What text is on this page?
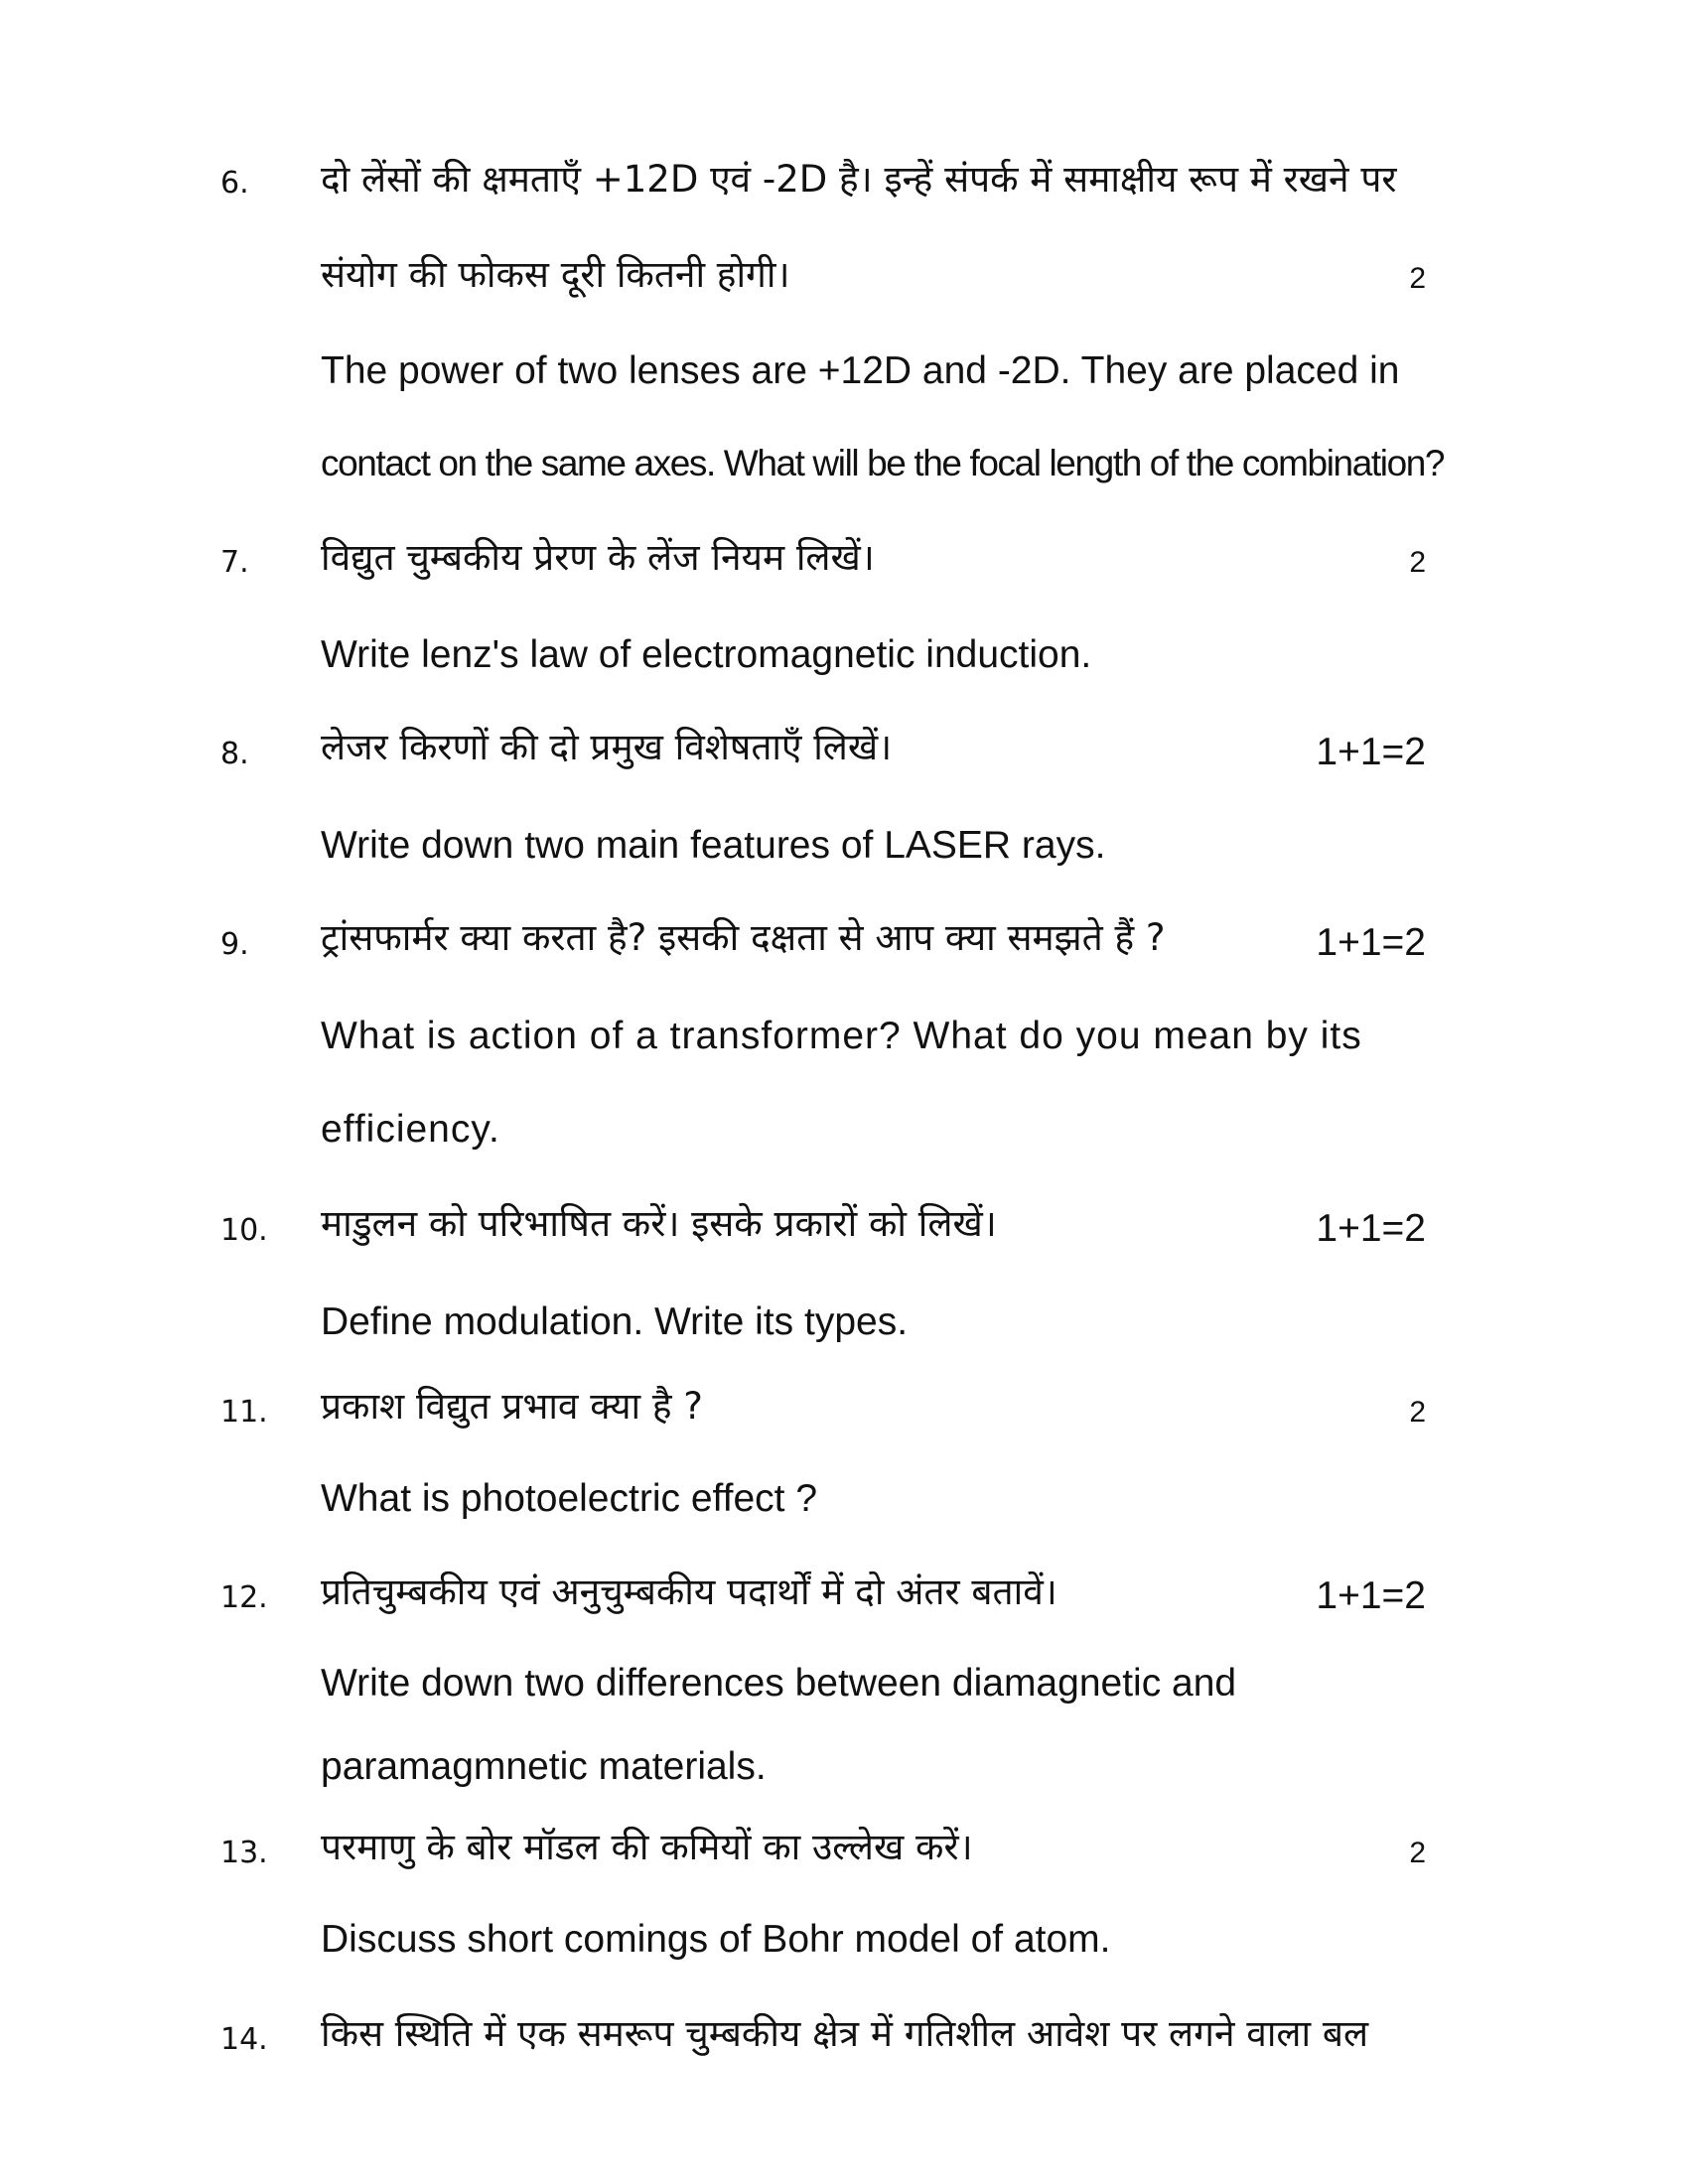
6. दो लेंसों की क्षमताएँ +12D एवं -2D है। इन्हें संपर्क में समाक्षीय रूप में रखने पर
संयोग की फोकस दूरी कितनी होगी।	2
The power of two lenses are +12D and -2D. They are placed in
contact on the same axes. What will be the focal length of the combination?
7. विद्युत चुम्बकीय प्रेरण के लेंज नियम लिखें।	2
Write lenz's law of electromagnetic induction.
8. लेजर किरणों की दो प्रमुख विशेषताएँ लिखें।	1+1=2
Write down two main features of LASER rays.
9. ट्रांसफार्मर क्या करता है? इसकी दक्षता से आप क्या समझते हैं ?	1+1=2
What is action of a transformer? What do you mean by its
efficiency.
10. माडुलन को परिभाषित करें। इसके प्रकारों को लिखें।	1+1=2
Define modulation. Write its types.
11. प्रकाश विद्युत प्रभाव क्या है ?	2
What is photoelectric effect ?
12. प्रतिचुम्बकीय एवं अनुचुम्बकीय पदार्थों में दो अंतर बतावें।	1+1=2
Write down two differences between diamagnetic and
paramagmnetic materials.
13. परमाणु के बोर मॉडल की कमियों का उल्लेख करें।	2
Discuss short comings of Bohr model of atom.
14. किस स्थिति में एक समरूप चुम्बकीय क्षेत्र में गतिशील आवेश पर लगने वाला बल
